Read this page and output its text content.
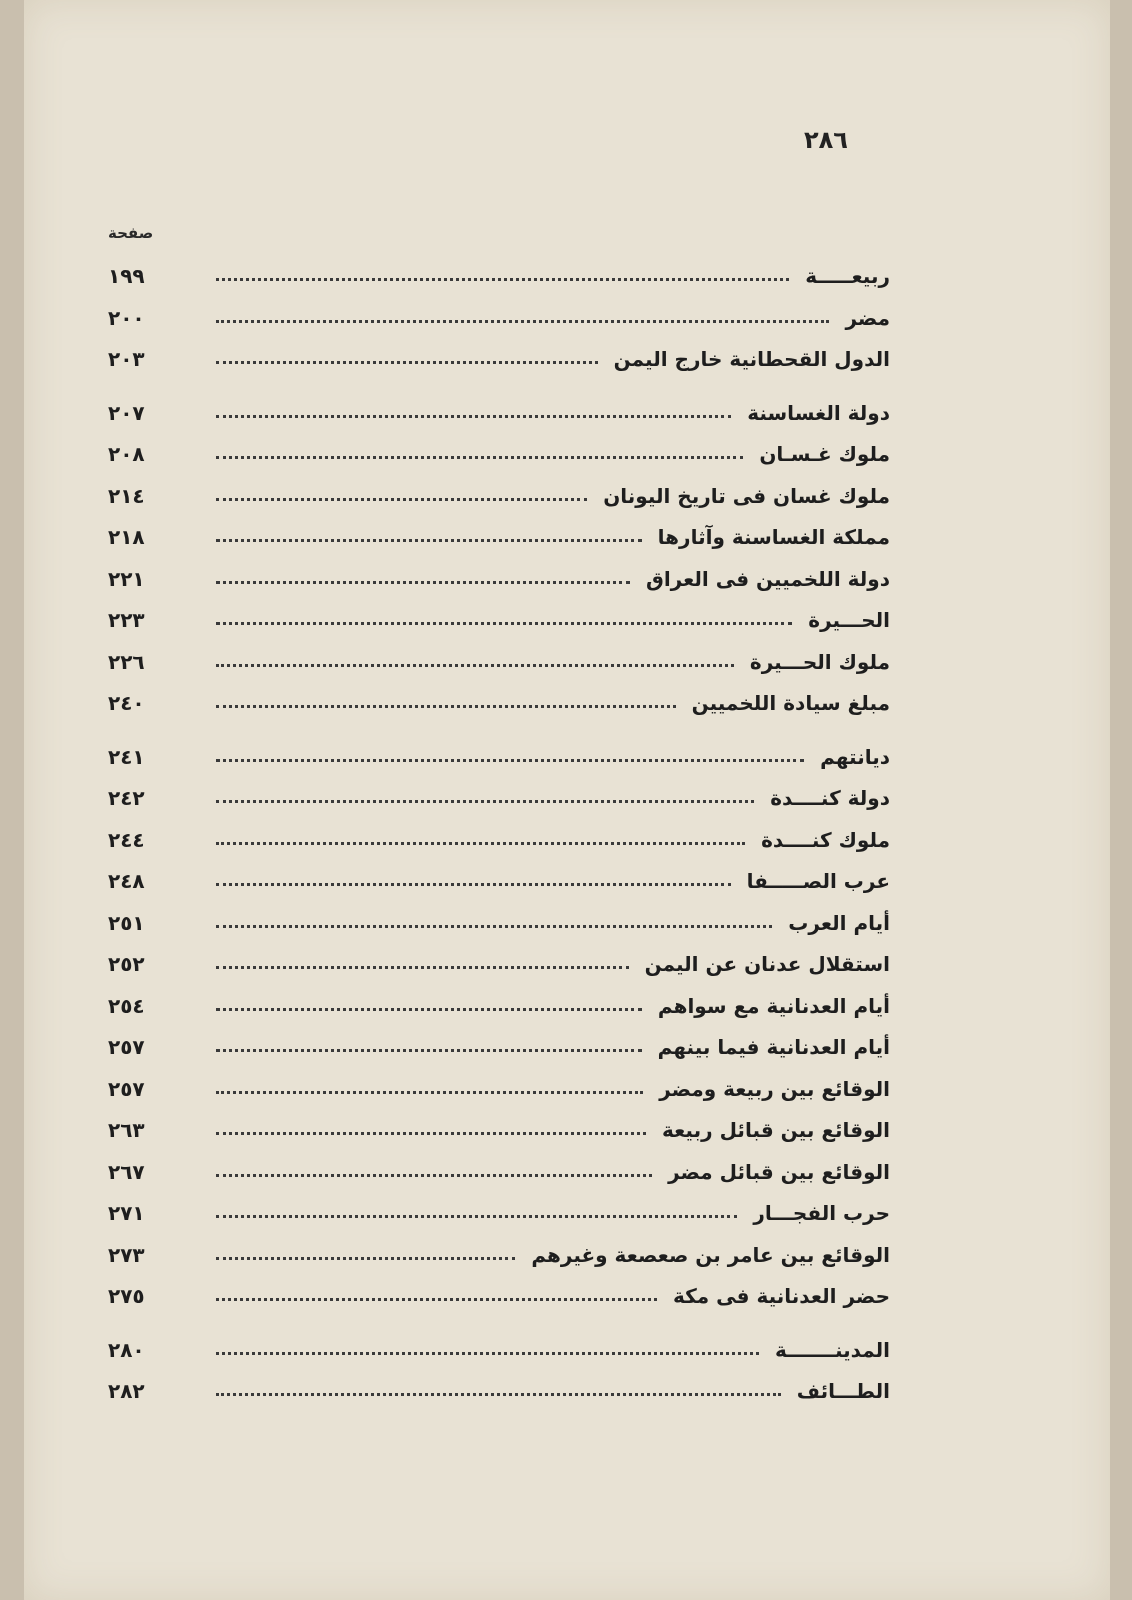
٢٨٦
صفحة
ربيعـــــة
١٩٩
مضر
٢٠٠
الدول القحطانية خارج اليمن
٢٠٣
دولة الغساسنة
٢٠٧
ملوك غـسـان
٢٠٨
ملوك غسان فى تاريخ اليونان
٢١٤
مملكة الغساسنة وآثارها
٢١٨
دولة اللخميين فى العراق
٢٢١
الحـــيرة
٢٢٣
ملوك الحـــيرة
٢٢٦
مبلغ سيادة اللخميين
٢٤٠
ديانتهم
٢٤١
دولة كنــــدة
٢٤٢
ملوك كنــــدة
٢٤٤
عرب الصـــــفا
٢٤٨
أيام العرب
٢٥١
استقلال عدنان عن اليمن
٢٥٢
أيام العدنانية مع سواهم
٢٥٤
أيام العدنانية فيما بينهم
٢٥٧
الوقائع بين ربيعة ومضر
٢٥٧
الوقائع بين قبائل ربيعة
٢٦٣
الوقائع بين قبائل مضر
٢٦٧
حرب الفجـــار
٢٧١
الوقائع بين عامر بن صعصعة وغيرهم
٢٧٣
حضر العدنانية فى مكة
٢٧٥
المدينـــــــة
٢٨٠
الطـــائف
٢٨٢
